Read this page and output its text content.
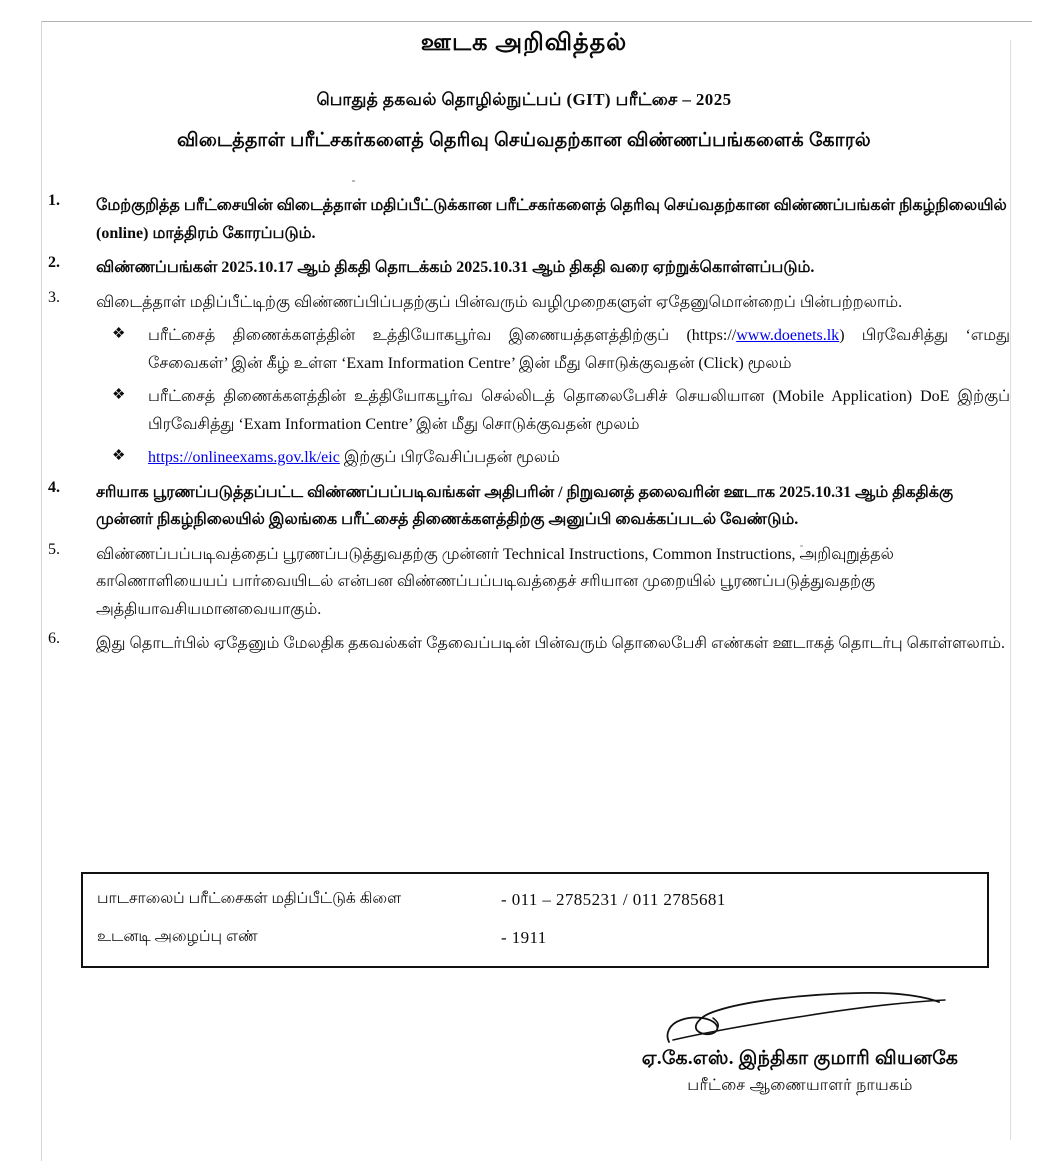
ஊடக அறிவித்தல்
பொதுத் தகவல் தொழில்நுட்பப் (GIT) பரீட்சை – 2025
விடைத்தாள் பரீட்சகர்களைத் தெரிவு செய்வதற்கான விண்ணப்பங்களைக் கோரல்
1.	மேற்குறித்த பரீட்சையின் விடைத்தாள் மதிப்பீட்டுக்கான பரீட்சகர்களைத் தெரிவு செய்வதற்கான விண்ணப்பங்கள் நிகழ்நிலையில் (online) மாத்திரம் கோரப்படும்.
2.	விண்ணப்பங்கள் 2025.10.17 ஆம் திகதி தொடக்கம் 2025.10.31 ஆம் திகதி வரை ஏற்றுக்கொள்ளப்படும்.
3.	விடைத்தாள் மதிப்பீட்டிற்கு விண்ணப்பிப்பதற்குப் பின்வரும் வழிமுறைகளுள் ஏதேனுமொன்றைப் பின்பற்றலாம்.
❖ பரீட்சைத் திணைக்களத்தின் உத்தியோகபூர்வ இணையத்தளத்திற்குப் (https://www.doenets.lk) பிரவேசித்து ‘எமது சேவைகள்’ இன் கீழ் உள்ள ‘Exam Information Centre’ இன் மீது சொடுக்குவதன் (Click) மூலம்
❖ பரீட்சைத் திணைக்களத்தின் உத்தியோகபூர்வ செல்லிடத் தொலைபேசிச் செயலியான (Mobile Application) DoE இற்குப் பிரவேசித்து ‘Exam Information Centre’ இன் மீது சொடுக்குவதன் மூலம்
❖ https://onlineexams.gov.lk/eic இற்குப் பிரவேசிப்பதன் மூலம்
4.	சரியாக பூரணப்படுத்தப்பட்ட விண்ணப்பப்படிவங்கள் அதிபரின் / நிறுவனத் தலைவரின் ஊடாக 2025.10.31 ஆம் திகதிக்கு முன்னர் நிகழ்நிலையில் இலங்கை பரீட்சைத் திணைக்களத்திற்கு அனுப்பி வைக்கப்படல் வேண்டும்.
5.	விண்ணப்பப்படிவத்தைப் பூரணப்படுத்துவதற்கு முன்னர் Technical Instructions, Common Instructions, அறிவுறுத்தல் காணொளியையப் பார்வையிடல் என்பன விண்ணப்பப்படிவத்தைச் சரியான முறையில் பூரணப்படுத்துவதற்கு அத்தியாவசியமானவையாகும்.
6.	இது தொடர்பில் ஏதேனும் மேலதிக தகவல்கள் தேவைப்படின் பின்வரும் தொலைபேசி எண்கள் ஊடாகத் தொடர்பு கொள்ளலாம்.
பாடசாலைப் பரீட்சைகள் மதிப்பீட்டுக் கிளை	- 011 – 2785231 / 011 2785681
உடனடி அழைப்பு எண்	- 1911
ஏ.கே.எஸ். இந்திகா குமாரி வியனகே
பரீட்சை ஆணையாளர் நாயகம்
